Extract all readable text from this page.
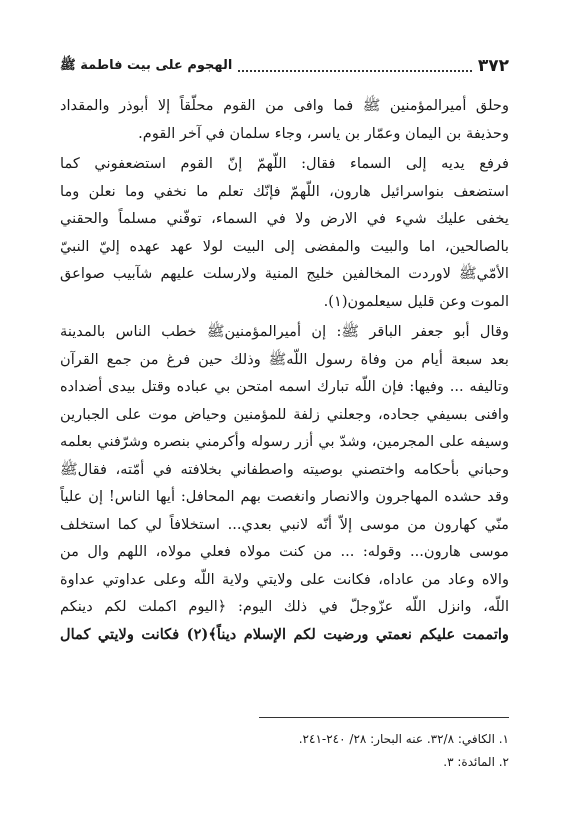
٣٧٢
الهجوم على بيت فاطمة ﷺ

وحلق أميرالمؤمنين ﷺ فما وافى من القوم محلّقاً إلا أبوذر والمقداد
وحذيفة بن اليمان وعمّار بن ياسر، وجاء سلمان في آخر القوم.

فرفع يديه إلى السماء فقال: اللّهمّ إنّ القوم استضعفوني كما
استضعف بنواسرائيل هارون، اللّهمّ فإنّك تعلم ما نخفي وما نعلن وما
يخفى عليك شيء في الارض ولا في السماء، توفّني مسلماً والحقني
بالصالحين، اما والبيت والمفضى إلى البيت لولا عهد عهده إليّ النبيّ
الأمّيﷺ لاوردت المخالفين خليج المنية ولارسلت عليهم شآبيب صواعق
الموت وعن قليل سيعلمون(١).

وقال أبو جعفر الباقر ﷺ: إن أميرالمؤمنينﷺ خطب الناس بالمدينة
بعد سبعة أيام من وفاة رسول اللّهﷺ وذلك حين فرغ من جمع القرآن
وتاليفه ... وفيها: فإن اللّه تبارك اسمه امتحن بي عباده وقتل بيدى أضداده
وافنى بسيفي جحاده، وجعلني زلفة للمؤمنين وحياض موت على الجبارين
وسيفه على المجرمين، وشدّ بي أزر رسوله وأكرمني بنصره وشرّفني بعلمه
وحباني بأحكامه واختصني بوصيته واصطفاني بخلافته في أمّته، فقالﷺ
وقد حشده المهاجرون والانصار وانغصت بهم المحافل: أيها الناس! إن علياً
منّي كهارون من موسى إلاّ أنّه لانبي بعدي... استخلافاً لي كما استخلف
موسى هارون... وقوله: ... من كنت مولاه فعلي مولاه، اللهم وال من
والاه وعاد من عاداه، فكانت على ولايتي ولاية اللّه وعلى عداوتي عداوة
اللّه، وانزل اللّه عزّوجلّ في ذلك اليوم: ﴿اليوم اكملت لكم دينكم
واتممت عليكم نعمتي ورضيت لكم الإسلام ديناً﴾(٢) فكانت ولايتي كمال

١. الكافي: ٣٢/٨. عنه البحار: ٢٨/ ٢٤٠-٢٤١.
٢. المائدة: ٣.
